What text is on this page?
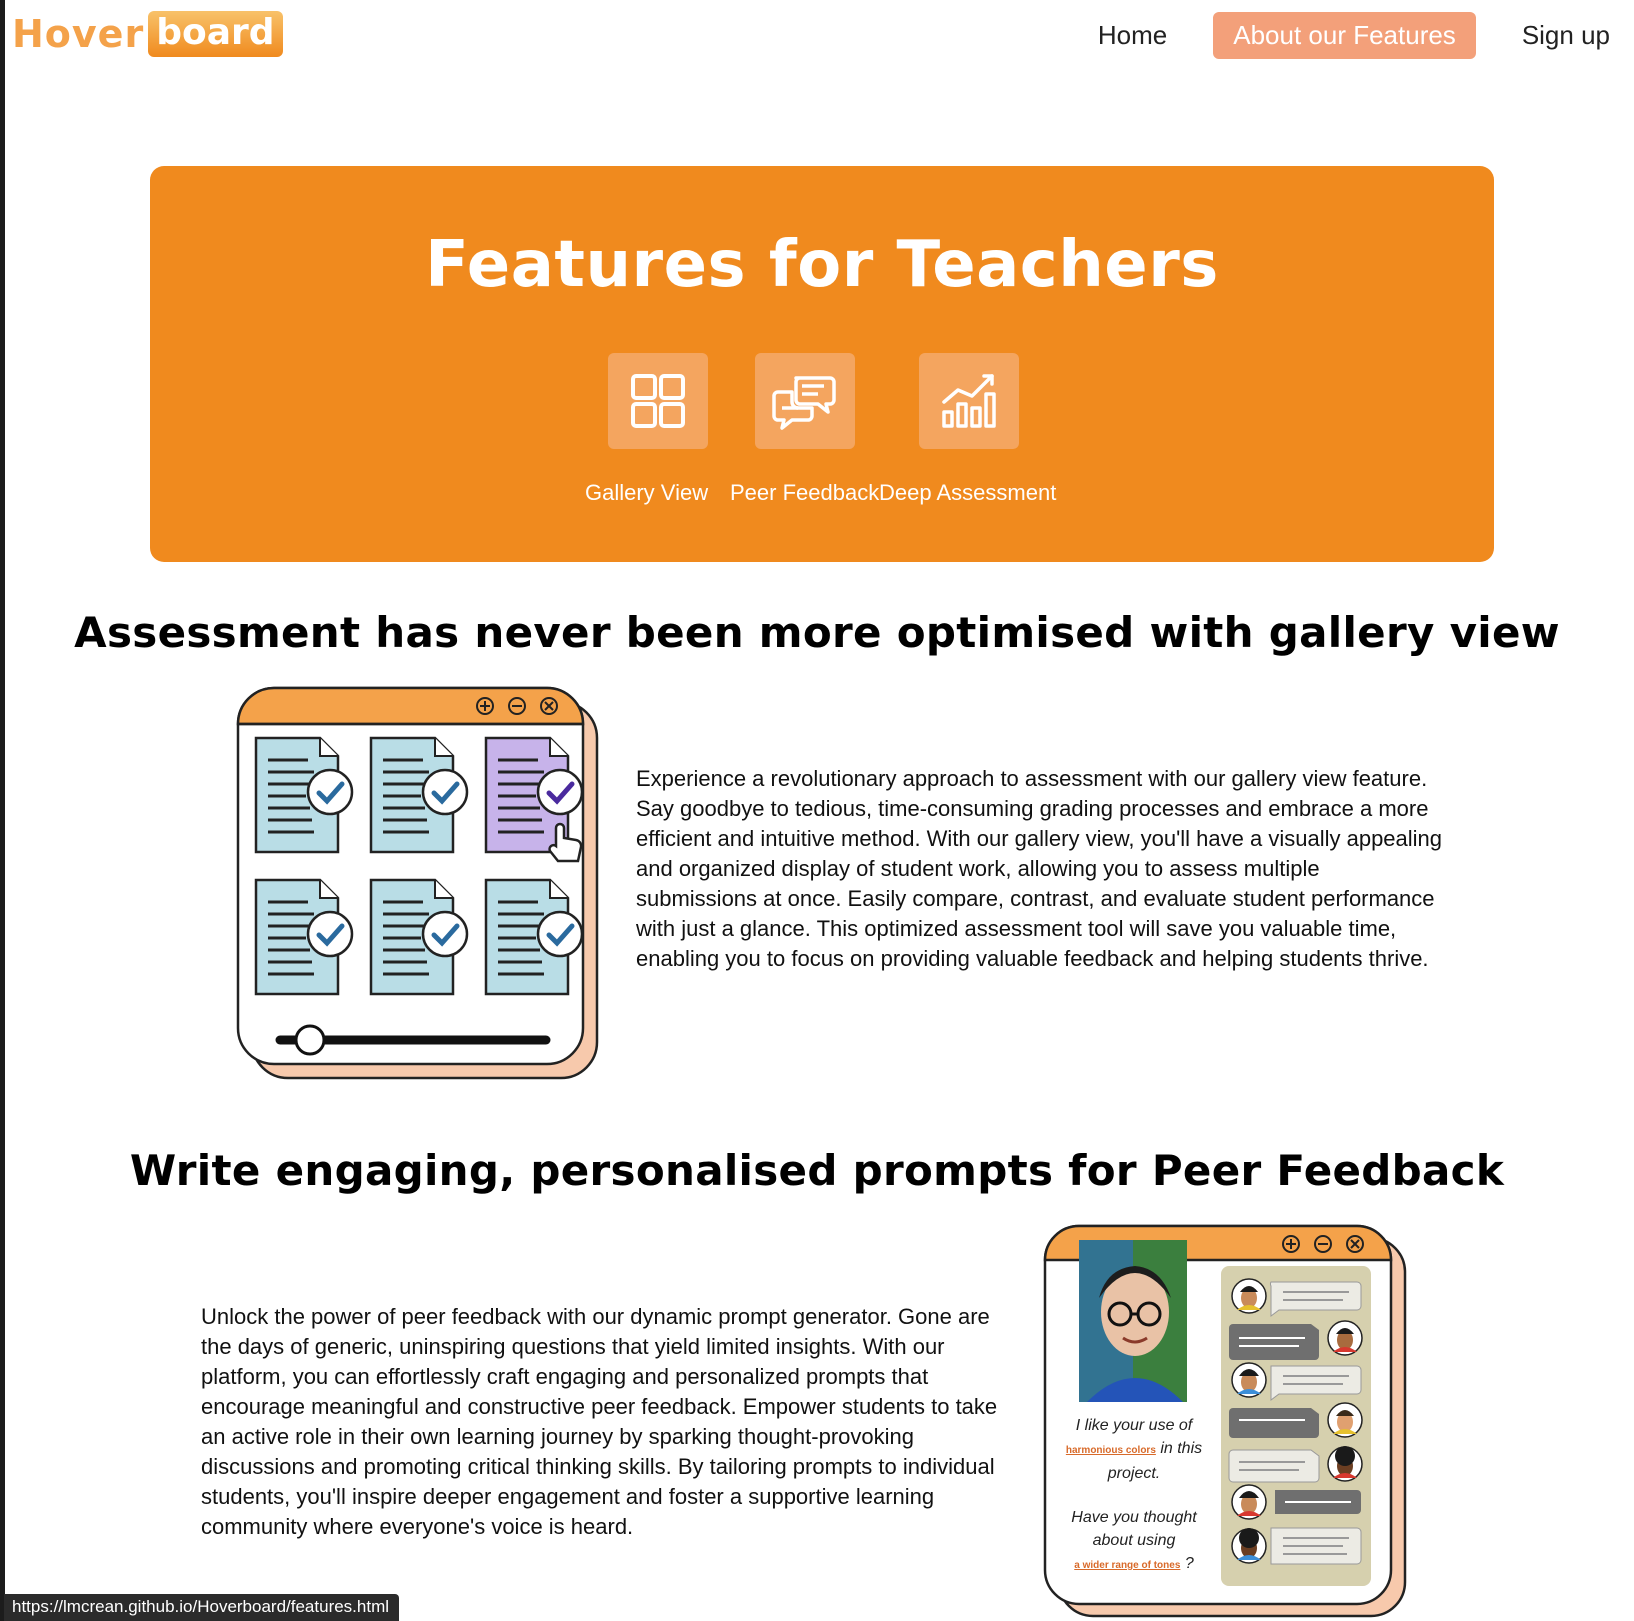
Hover board	Home	About our Features	Sign up
Features for Teachers
Gallery View Peer Feedback Deep Assessment
Assessment has never been more optimised with gallery view

Experience a revolutionary approach to assessment with our gallery view feature. Say goodbye to tedious, time-consuming grading processes and embrace a more efficient and intuitive method. With our gallery view, you'll have a visually appealing and organized display of student work, allowing you to assess multiple submissions at once. Easily compare, contrast, and evaluate student performance with just a glance. This optimized assessment tool will save you valuable time, enabling you to focus on providing valuable feedback and helping students thrive.

Write engaging, personalised prompts for Peer Feedback

Unlock the power of peer feedback with our dynamic prompt generator. Gone are the days of generic, uninspiring questions that yield limited insights. With our platform, you can effortlessly craft engaging and personalized prompts that encourage meaningful and constructive peer feedback. Empower students to take an active role in their own learning journey by sparking thought-provoking discussions and promoting critical thinking skills. By tailoring prompts to individual students, you'll inspire deeper engagement and foster a supportive learning community where everyone's voice is heard.

I like your use of
harmonious colors in this project.
Have you thought about using
a wider range of tones ?
https://lmcrean.github.io/Hoverboard/features.html
